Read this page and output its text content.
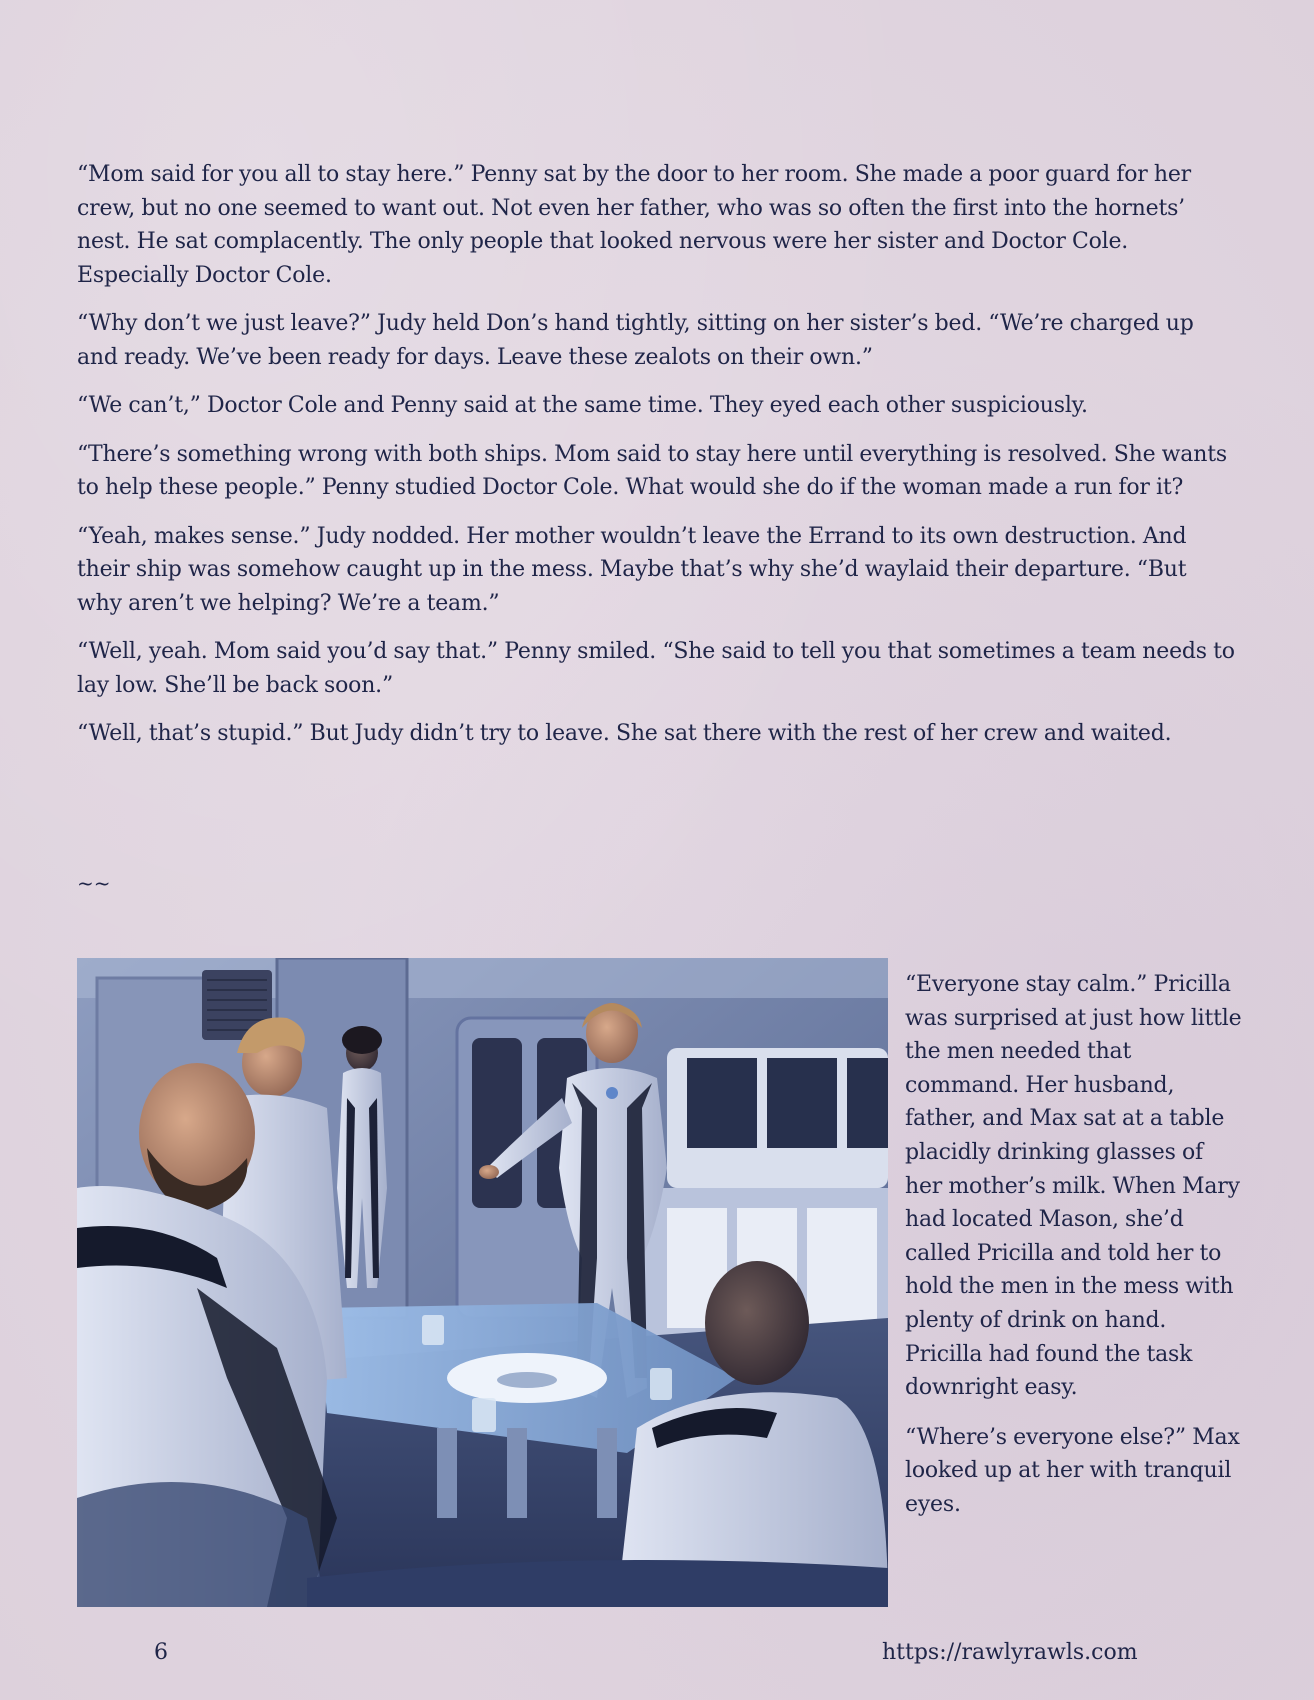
“Mom said for you all to stay here.” Penny sat by the door to her room. She made a poor guard for her crew, but no one seemed to want out. Not even her father, who was so often the first into the hornets’ nest. He sat complacently. The only people that looked nervous were her sister and Doctor Cole. Especially Doctor Cole.

“Why don’t we just leave?” Judy held Don’s hand tightly, sitting on her sister’s bed. “We’re charged up and ready. We’ve been ready for days. Leave these zealots on their own.”

“We can’t,” Doctor Cole and Penny said at the same time. They eyed each other suspiciously.

“There’s something wrong with both ships. Mom said to stay here until everything is resolved. She wants to help these people.” Penny studied Doctor Cole. What would she do if the woman made a run for it?

“Yeah, makes sense.” Judy nodded. Her mother wouldn’t leave the Errand to its own destruction. And their ship was somehow caught up in the mess. Maybe that’s why she’d waylaid their departure. “But why aren’t we helping? We’re a team.”

“Well, yeah. Mom said you’d say that.” Penny smiled. “She said to tell you that sometimes a team needs to lay low. She’ll be back soon.”

“Well, that’s stupid.” But Judy didn’t try to leave. She sat there with the rest of her crew and waited.

~~

“Everyone stay calm.” Pricilla was surprised at just how little the men needed that command. Her husband, father, and Max sat at a table placidly drinking glasses of her mother’s milk. When Mary had located Mason, she’d called Pricilla and told her to hold the men in the mess with plenty of drink on hand. Pricilla had found the task downright easy.

“Where’s everyone else?” Max looked up at her with tranquil eyes.

6	https://rawlyrawls.com
